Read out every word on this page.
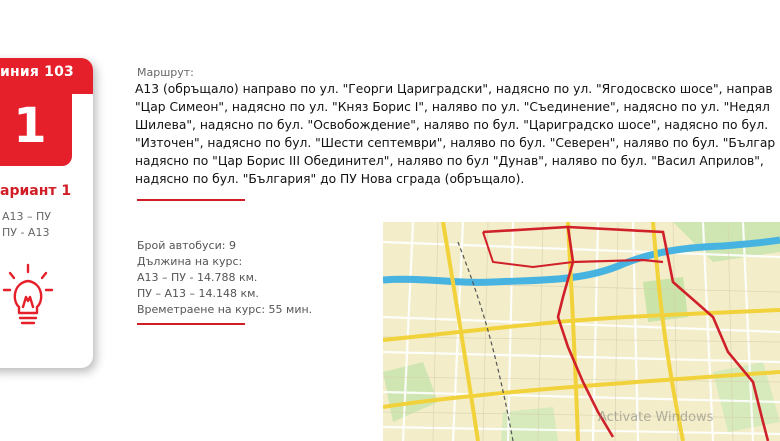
иния 103
1
ариант 1
А13 – ПУ
ПУ - А13
Маршрут:
А13 (обръщало) направо по ул. "Георги Царигpадски", надясно по ул. "Ягодосвско шосе", направ
"Цар Симеон", надясно по ул. "Княз Борис I", наляво по ул. "Съединение", надясно по ул. "Недял
Шилева", надясно по бул. "Освобождение", наляво по бул. "Цариградско шосе", надясно по бул.
"Източен", надясно по бул. "Шести септември", наляво по бул. "Северен", наляво по бул. "Българ
надясно по "Цар Борис III Обединител", наляво по бул "Дунав", наляво по бул. "Васил Априлов",
надясно по бул. "България" до ПУ Нова сграда (обръщало).
Брой автобуси: 9
Дължина на курс:
А13 – ПУ - 14.788 км.
ПУ – А13 – 14.148 км.
Времетраене на курс: 55 мин.
Activate Windows
